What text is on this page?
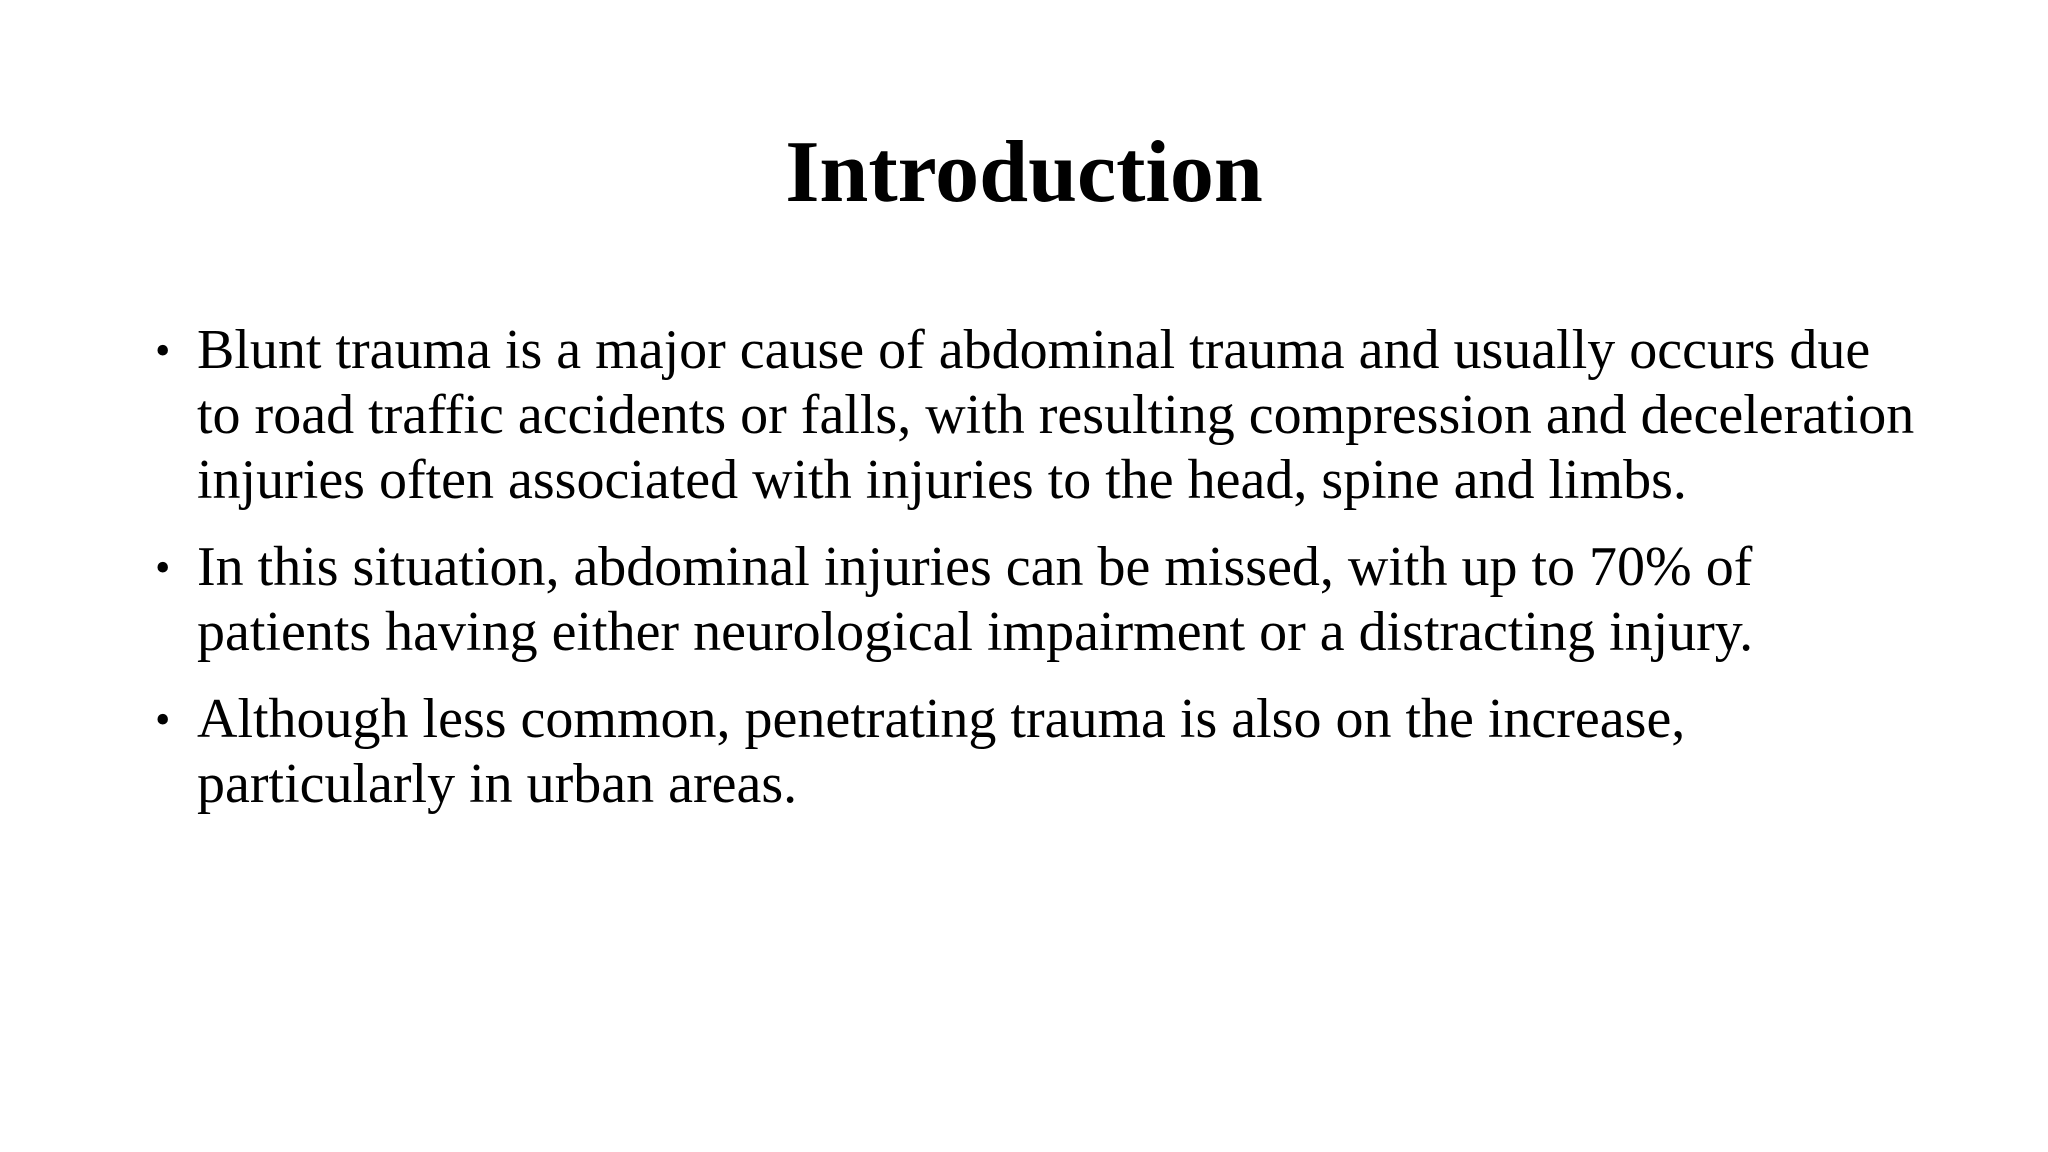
Introduction
• Blunt trauma is a major cause of abdominal trauma and usually occurs due to road traffic accidents or falls, with resulting compression and deceleration injuries often associated with injuries to the head, spine and limbs.
• In this situation, abdominal injuries can be missed, with up to 70% of patients having either neurological impairment or a distracting injury.
• Although less common, penetrating trauma is also on the increase, particularly in urban areas.
